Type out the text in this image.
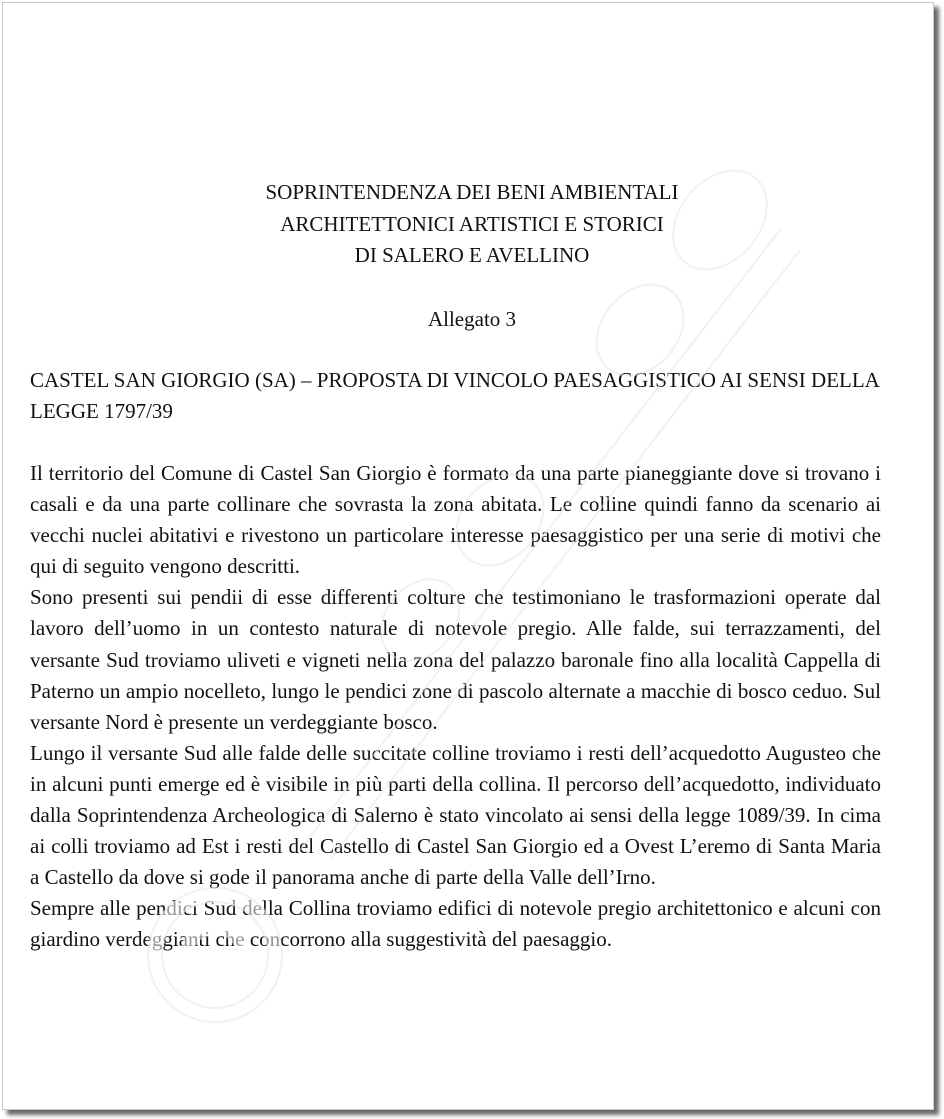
SOPRINTENDENZA DEI BENI AMBIENTALI
ARCHITETTONICI ARTISTICI E STORICI
DI SALERO E AVELLINO
Allegato 3
CASTEL SAN GIORGIO (SA) – PROPOSTA DI VINCOLO PAESAGGISTICO AI SENSI DELLA LEGGE 1797/39

Il territorio del Comune di Castel San Giorgio è formato da una parte pianeggiante dove si trovano i casali e da una parte collinare che sovrasta la zona abitata. Le colline quindi fanno da scenario ai vecchi nuclei abitativi e rivestono un particolare interesse paesaggistico per una serie di motivi che qui di seguito vengono descritti.

Sono presenti sui pendii di esse differenti colture che testimoniano le trasformazioni operate dal lavoro dell’uomo in un contesto naturale di notevole pregio. Alle falde, sui terrazzamenti, del versante Sud troviamo uliveti e vigneti nella zona del palazzo baronale fino alla località Cappella di Paterno un ampio nocelleto, lungo le pendici zone di pascolo alternate a macchie di bosco ceduo. Sul versante Nord è presente un verdeggiante bosco.

Lungo il versante Sud alle falde delle succitate colline troviamo i resti dell’acquedotto Augusteo che in alcuni punti emerge ed è visibile in più parti della collina. Il percorso dell’acquedotto, individuato dalla Soprintendenza Archeologica di Salerno è stato vincolato ai sensi della legge 1089/39. In cima ai colli troviamo ad Est i resti del Castello di Castel San Giorgio ed a Ovest L’eremo di Santa Maria a Castello da dove si gode il panorama anche di parte della Valle dell’Irno.

Sempre alle pendici Sud della Collina troviamo edifici di notevole pregio architettonico e alcuni con giardino verdeggianti che concorrono alla suggestività del paesaggio.
